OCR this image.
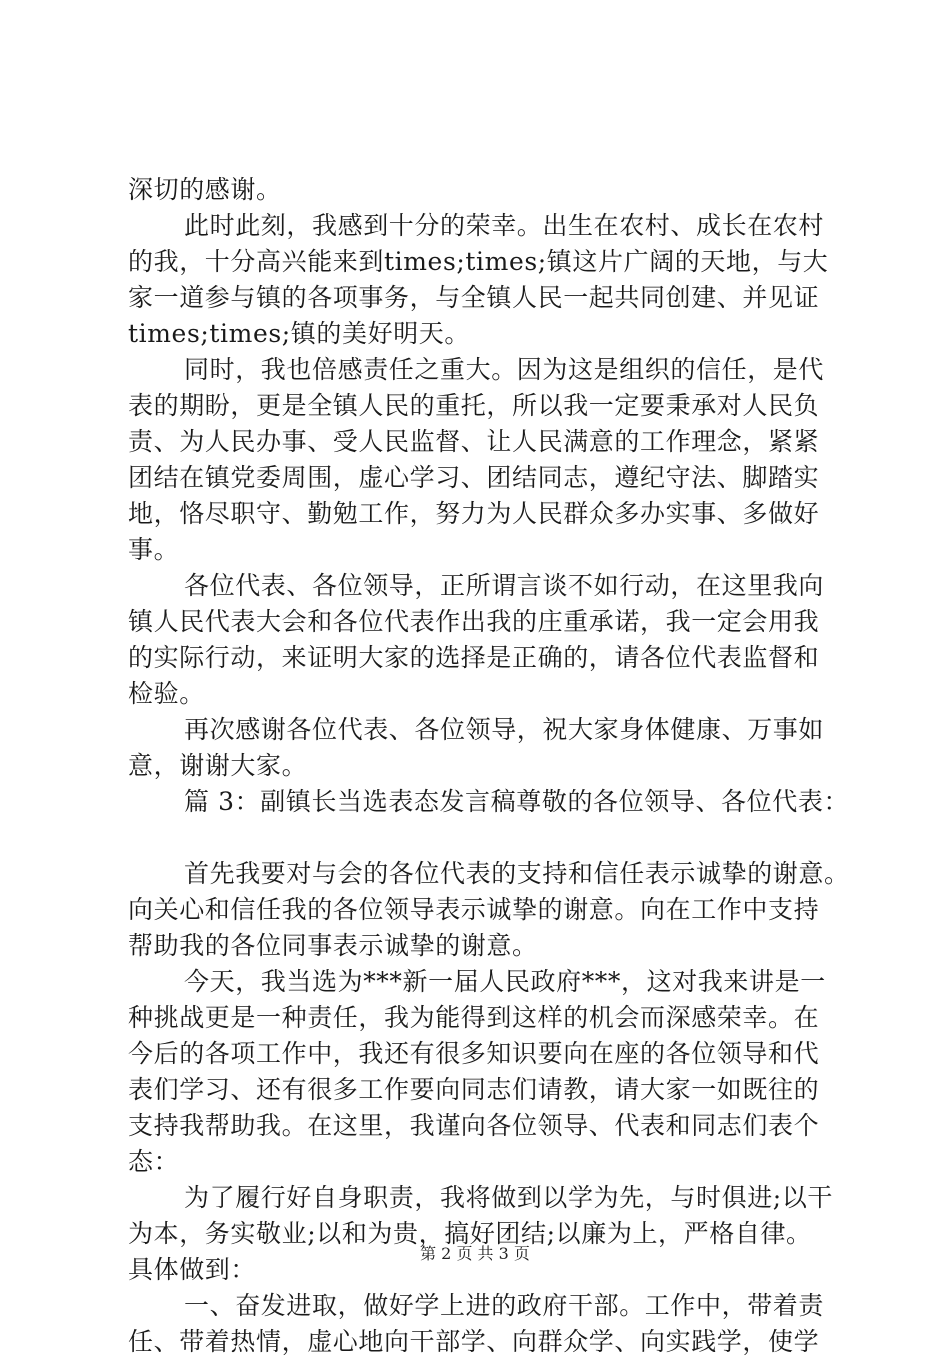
深切的感谢。
此时此刻，我感到十分的荣幸。出生在农村、成长在农村
的我，十分高兴能来到times;times;镇这片广阔的天地，与大
家一道参与镇的各项事务，与全镇人民一起共同创建、并见证
times;times;镇的美好明天。
同时，我也倍感责任之重大。因为这是组织的信任，是代
表的期盼，更是全镇人民的重托，所以我一定要秉承对人民负
责、为人民办事、受人民监督、让人民满意的工作理念，紧紧
团结在镇党委周围，虚心学习、团结同志，遵纪守法、脚踏实
地，恪尽职守、勤勉工作，努力为人民群众多办实事、多做好
事。
各位代表、各位领导，正所谓言谈不如行动，在这里我向
镇人民代表大会和各位代表作出我的庄重承诺，我一定会用我
的实际行动，来证明大家的选择是正确的，请各位代表监督和
检验。
再次感谢各位代表、各位领导，祝大家身体健康、万事如
意，谢谢大家。
篇 3：副镇长当选表态发言稿尊敬的各位领导、各位代表：
首先我要对与会的各位代表的支持和信任表示诚挚的谢意。
向关心和信任我的各位领导表示诚挚的谢意。向在工作中支持
帮助我的各位同事表示诚挚的谢意。
今天，我当选为***新一届人民政府***，这对我来讲是一
种挑战更是一种责任，我为能得到这样的机会而深感荣幸。在
今后的各项工作中，我还有很多知识要向在座的各位领导和代
表们学习、还有很多工作要向同志们请教，请大家一如既往的
支持我帮助我。在这里，我谨向各位领导、代表和同志们表个
态：
为了履行好自身职责，我将做到以学为先，与时俱进;以干
为本，务实敬业;以和为贵，搞好团结;以廉为上，严格自律。
具体做到：
一、奋发进取，做好学上进的政府干部。工作中，带着责
任、带着热情，虚心地向干部学、向群众学、向实践学，使学
第 2 页 共 3 页
